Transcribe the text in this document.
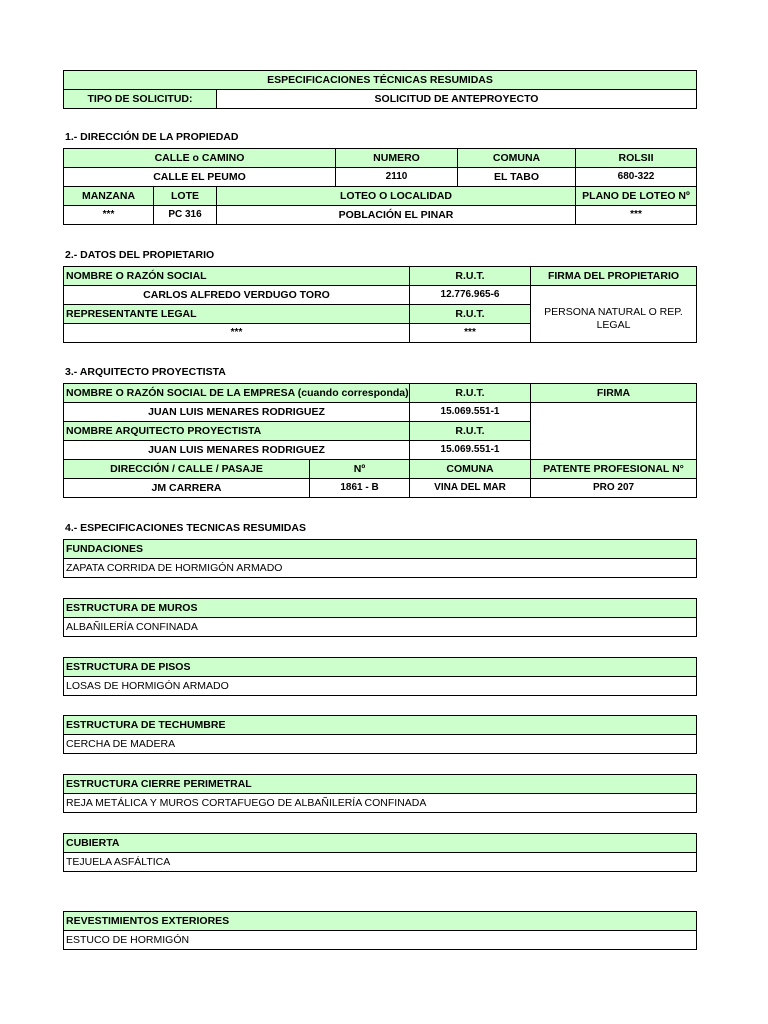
ESPECIFICACIONES TÉCNICAS RESUMIDAS
TIPO DE SOLICITUD:	SOLICITUD DE ANTEPROYECTO
1.- DIRECCIÓN DE LA PROPIEDAD
CALLE o CAMINO			NUMERO	COMUNA	ROLSII
CALLE EL PEUMO			2110	EL TABO	680-322
MANZANA	LOTE	LOTEO O LOCALIDAD			PLANO DE LOTEO Nº
***	PC 316	POBLACIÓN EL PINAR			***
2.- DATOS DEL PROPIETARIO
NOMBRE O RAZÓN SOCIAL	R.U.T.	FIRMA DEL PROPIETARIO
CARLOS ALFREDO VERDUGO TORO	12.776.965-6	PERSONA NATURAL O REP. LEGAL
REPRESENTANTE LEGAL	R.U.T.	
***	***	
3.- ARQUITECTO PROYECTISTA
NOMBRE O RAZÓN SOCIAL DE LA EMPRESA (cuando corresponda)		R.U.T.	FIRMA
JUAN LUIS MENARES RODRIGUEZ		15.069.551-1	
NOMBRE ARQUITECTO PROYECTISTA		R.U.T.	
JUAN LUIS MENARES RODRIGUEZ		15.069.551-1	
DIRECCIÓN / CALLE / PASAJE	Nº	COMUNA	PATENTE PROFESIONAL N°
JM CARRERA	1861 - B	VINA DEL MAR	PRO 207
4.- ESPECIFICACIONES TECNICAS RESUMIDAS
FUNDACIONES
ZAPATA CORRIDA DE HORMIGÓN ARMADO
ESTRUCTURA DE MUROS
ALBAÑILERÍA CONFINADA
ESTRUCTURA DE PISOS
LOSAS DE HORMIGÓN ARMADO
ESTRUCTURA DE TECHUMBRE
CERCHA DE MADERA
ESTRUCTURA CIERRE PERIMETRAL
REJA METÁLICA Y MUROS CORTAFUEGO DE ALBAÑILERÍA CONFINADA
CUBIERTA
TEJUELA ASFÁLTICA
REVESTIMIENTOS EXTERIORES
ESTUCO DE HORMIGÓN
